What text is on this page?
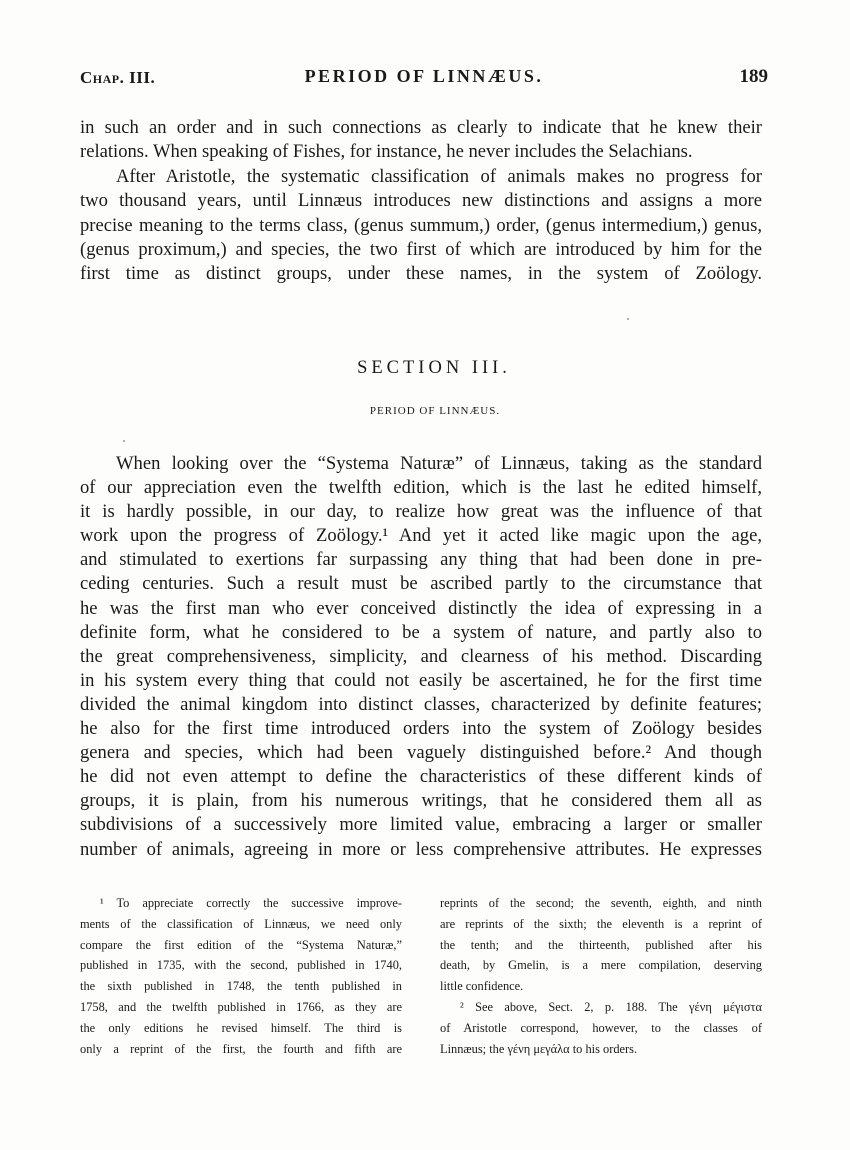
Chap. III.	PERIOD OF LINNÆUS.	189
in such an order and in such connections as clearly to indicate that he knew their
relations. When speaking of Fishes, for instance, he never includes the Selachians.
After Aristotle, the systematic classification of animals makes no progress for
two thousand years, until Linnæus introduces new distinctions and assigns a more
precise meaning to the terms class, (genus summum,) order, (genus intermedium,) genus,
(genus proximum,) and species, the two first of which are introduced by him for the
first time as distinct groups, under these names, in the system of Zoölogy.
SECTION III.
PERIOD OF LINNÆUS.
When looking over the “Systema Naturæ” of Linnæus, taking as the standard
of our appreciation even the twelfth edition, which is the last he edited himself,
it is hardly possible, in our day, to realize how great was the influence of that
work upon the progress of Zoölogy.¹ And yet it acted like magic upon the age,
and stimulated to exertions far surpassing any thing that had been done in pre-
ceding centuries. Such a result must be ascribed partly to the circumstance that
he was the first man who ever conceived distinctly the idea of expressing in a
definite form, what he considered to be a system of nature, and partly also to
the great comprehensiveness, simplicity, and clearness of his method. Discarding
in his system every thing that could not easily be ascertained, he for the first time
divided the animal kingdom into distinct classes, characterized by definite features;
he also for the first time introduced orders into the system of Zoölogy besides
genera and species, which had been vaguely distinguished before.² And though
he did not even attempt to define the characteristics of these different kinds of
groups, it is plain, from his numerous writings, that he considered them all as
subdivisions of a successively more limited value, embracing a larger or smaller
number of animals, agreeing in more or less comprehensive attributes. He expresses
¹ To appreciate correctly the successive improve-
ments of the classification of Linnæus, we need only
compare the first edition of the “Systema Naturæ,”
published in 1735, with the second, published in 1740,
the sixth published in 1748, the tenth published in
1758, and the twelfth published in 1766, as they are
the only editions he revised himself. The third is
only a reprint of the first, the fourth and fifth are
reprints of the second; the seventh, eighth, and ninth
are reprints of the sixth; the eleventh is a reprint of
the tenth; and the thirteenth, published after his
death, by Gmelin, is a mere compilation, deserving
little confidence.
² See above, Sect. 2, p. 188. The γένη μέγιστα
of Aristotle correspond, however, to the classes of
Linnæus; the γένη μεγάλα to his orders.
